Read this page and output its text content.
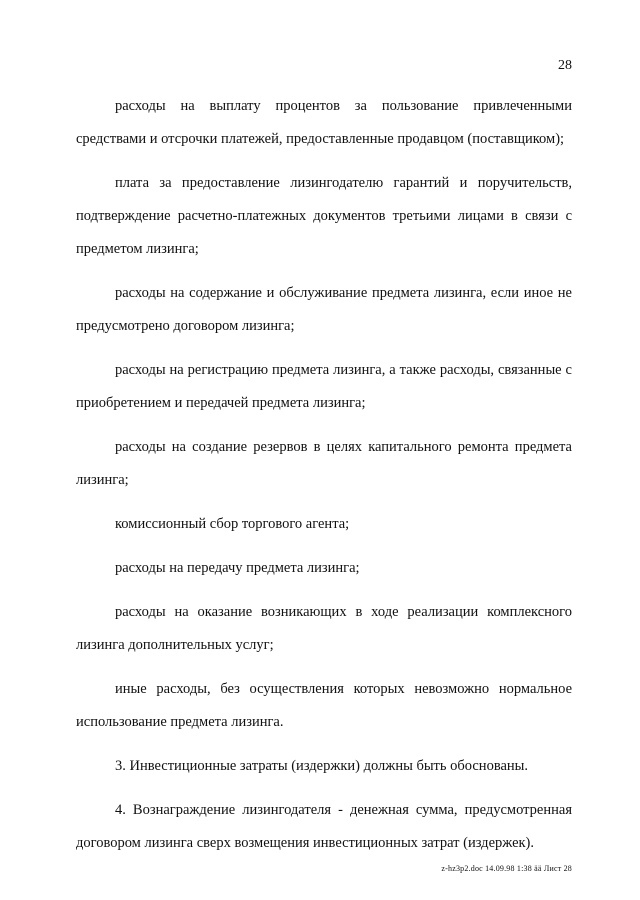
28

расходы на выплату процентов за пользование привлеченными средствами и отсрочки платежей, предоставленные продавцом (поставщиком);

плата за предоставление лизингодателю гарантий и поручительств, подтверждение расчетно-платежных документов третьими лицами в связи с предметом лизинга;

расходы на содержание и обслуживание предмета лизинга, если иное не предусмотрено договором лизинга;

расходы на регистрацию предмета лизинга, а также расходы, связанные с приобретением и передачей предмета лизинга;

расходы на создание резервов в целях капитального ремонта предмета лизинга;

комиссионный сбор торгового агента;

расходы на передачу предмета лизинга;

расходы на оказание возникающих в ходе реализации комплексного лизинга дополнительных услуг;

иные расходы, без осуществления которых невозможно нормальное использование предмета лизинга.

3. Инвестиционные затраты (издержки) должны быть обоснованы.

4. Вознаграждение лизингодателя - денежная сумма, предусмотренная договором лизинга сверх возмещения инвестиционных затрат (издержек).

z-hz3p2.doc 14.09.98 1:38 ää Лист 28
